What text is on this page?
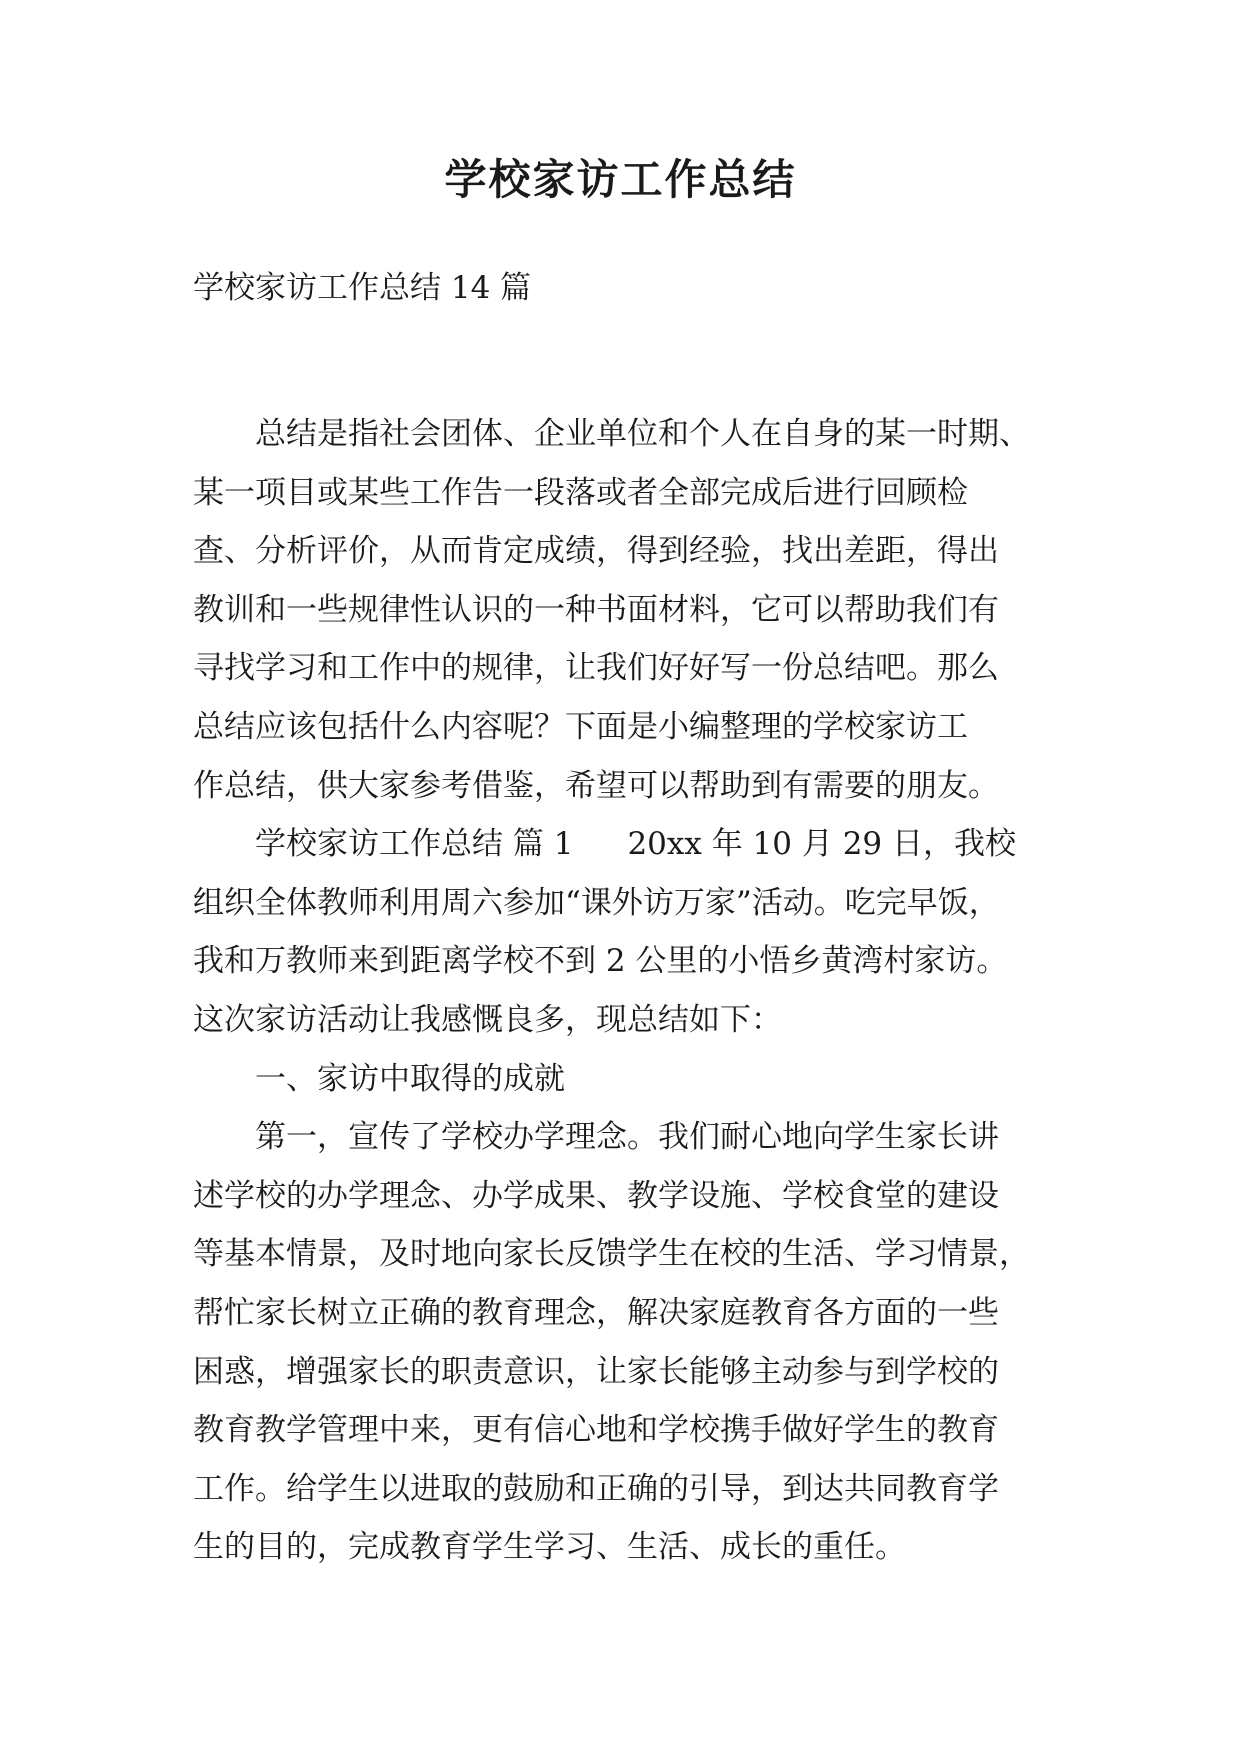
学校家访工作总结
学校家访工作总结 14 篇
总结是指社会团体、企业单位和个人在自身的某一时期、
某一项目或某些工作告一段落或者全部完成后进行回顾检
查、分析评价，从而肯定成绩，得到经验，找出差距，得出
教训和一些规律性认识的一种书面材料，它可以帮助我们有
寻找学习和工作中的规律，让我们好好写一份总结吧。那么
总结应该包括什么内容呢？下面是小编整理的学校家访工
作总结，供大家参考借鉴，希望可以帮助到有需要的朋友。
学校家访工作总结 篇 1 20xx 年 10 月 29 日，我校
组织全体教师利用周六参加“课外访万家”活动。吃完早饭，
我和万教师来到距离学校不到 2 公里的小悟乡黄湾村家访。
这次家访活动让我感慨良多，现总结如下：
一、家访中取得的成就
第一，宣传了学校办学理念。我们耐心地向学生家长讲
述学校的办学理念、办学成果、教学设施、学校食堂的建设
等基本情景，及时地向家长反馈学生在校的生活、学习情景，
帮忙家长树立正确的教育理念，解决家庭教育各方面的一些
困惑，增强家长的职责意识，让家长能够主动参与到学校的
教育教学管理中来，更有信心地和学校携手做好学生的教育
工作。给学生以进取的鼓励和正确的引导，到达共同教育学
生的目的，完成教育学生学习、生活、成长的重任。
